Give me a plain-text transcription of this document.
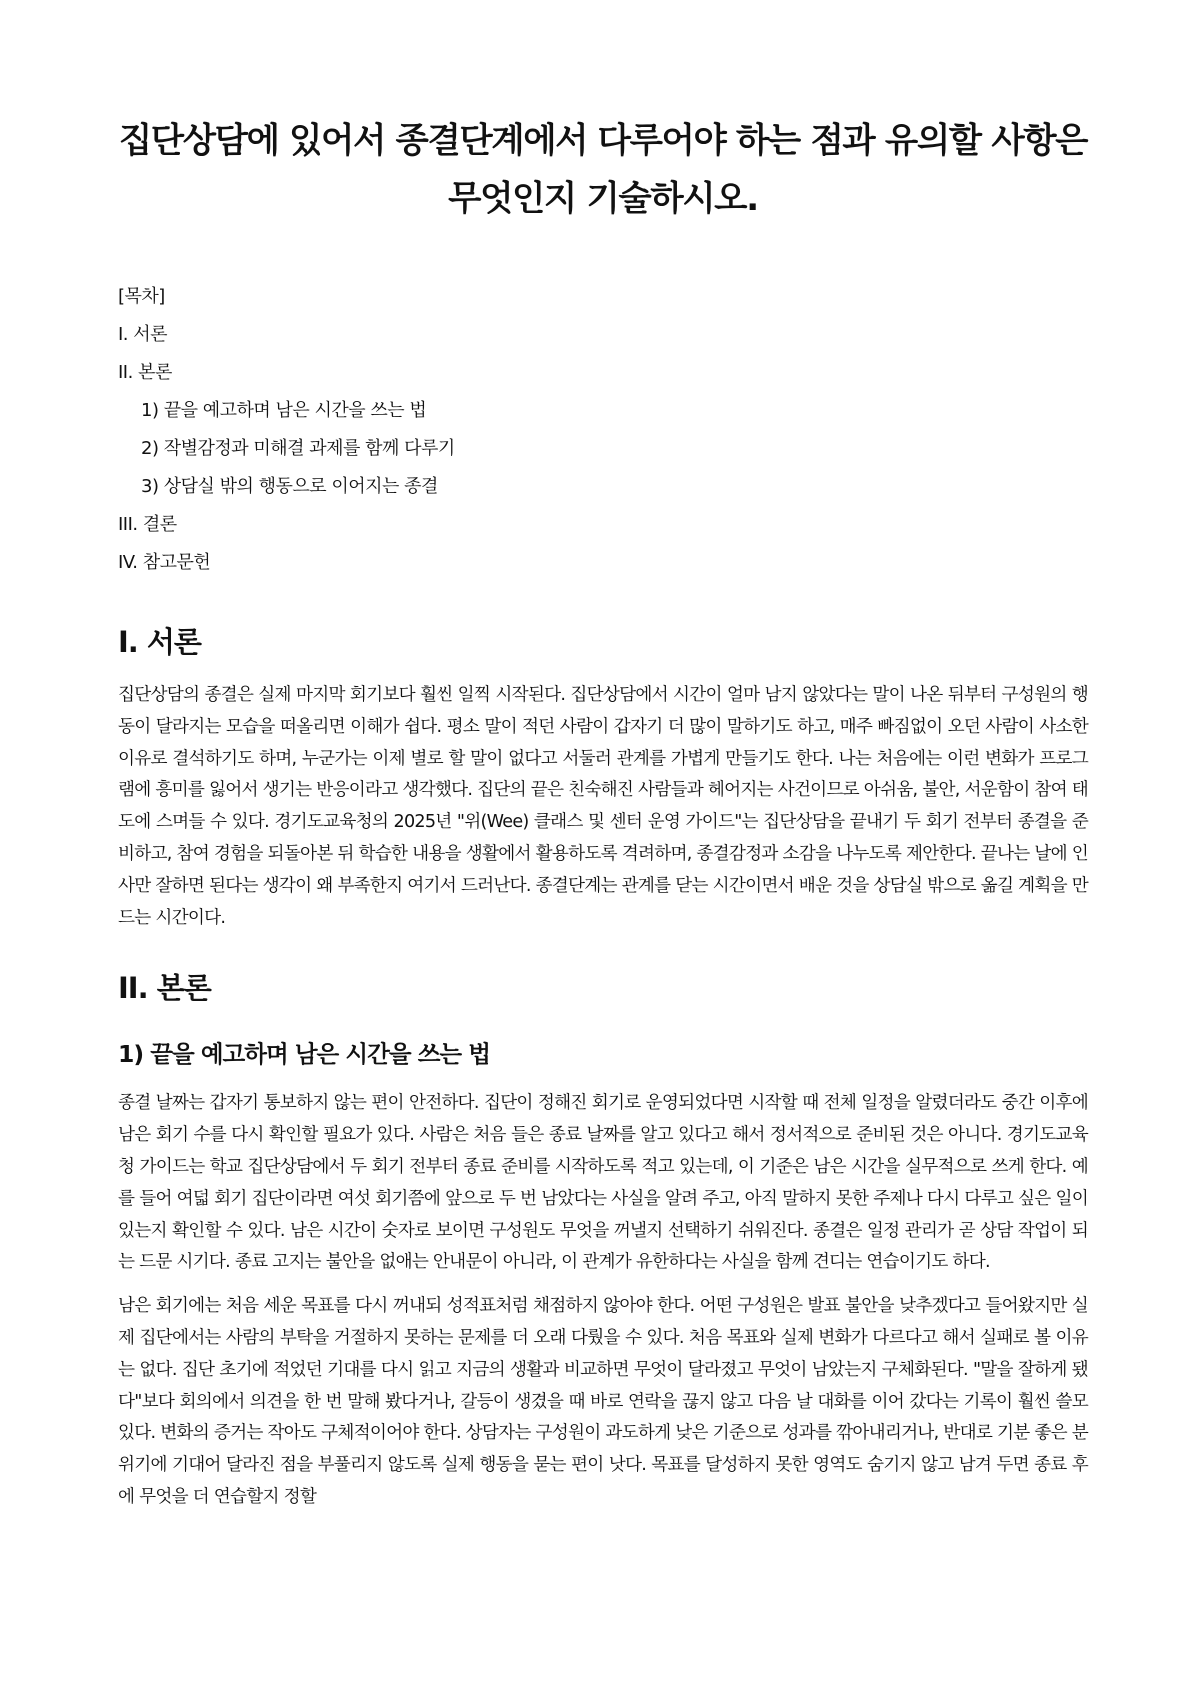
집단상담에 있어서 종결단계에서 다루어야 하는 점과 유의할 사항은 무엇인지 기술하시오.
[목차]
I. 서론
II. 본론
1) 끝을 예고하며 남은 시간을 쓰는 법
2) 작별감정과 미해결 과제를 함께 다루기
3) 상담실 밖의 행동으로 이어지는 종결
III. 결론
IV. 참고문헌
I. 서론

집단상담의 종결은 실제 마지막 회기보다 훨씬 일찍 시작된다. 집단상담에서 시간이 얼마 남지 않았다는 말이 나온 뒤부터 구성원의 행동이 달라지는 모습을 떠올리면 이해가 쉽다. 평소 말이 적던 사람이 갑자기 더 많이 말하기도 하고, 매주 빠짐없이 오던 사람이 사소한 이유로 결석하기도 하며, 누군가는 이제 별로 할 말이 없다고 서둘러 관계를 가볍게 만들기도 한다. 나는 처음에는 이런 변화가 프로그램에 흥미를 잃어서 생기는 반응이라고 생각했다. 집단의 끝은 친숙해진 사람들과 헤어지는 사건이므로 아쉬움, 불안, 서운함이 참여 태도에 스며들 수 있다. 경기도교육청의 2025년 "위(Wee) 클래스 및 센터 운영 가이드"는 집단상담을 끝내기 두 회기 전부터 종결을 준비하고, 참여 경험을 되돌아본 뒤 학습한 내용을 생활에서 활용하도록 격려하며, 종결감정과 소감을 나누도록 제안한다. 끝나는 날에 인사만 잘하면 된다는 생각이 왜 부족한지 여기서 드러난다. 종결단계는 관계를 닫는 시간이면서 배운 것을 상담실 밖으로 옮길 계획을 만드는 시간이다.

II. 본론
1) 끝을 예고하며 남은 시간을 쓰는 법

종결 날짜는 갑자기 통보하지 않는 편이 안전하다. 집단이 정해진 회기로 운영되었다면 시작할 때 전체 일정을 알렸더라도 중간 이후에 남은 회기 수를 다시 확인할 필요가 있다. 사람은 처음 들은 종료 날짜를 알고 있다고 해서 정서적으로 준비된 것은 아니다. 경기도교육청 가이드는 학교 집단상담에서 두 회기 전부터 종료 준비를 시작하도록 적고 있는데, 이 기준은 남은 시간을 실무적으로 쓰게 한다. 예를 들어 여덟 회기 집단이라면 여섯 회기쯤에 앞으로 두 번 남았다는 사실을 알려 주고, 아직 말하지 못한 주제나 다시 다루고 싶은 일이 있는지 확인할 수 있다. 남은 시간이 숫자로 보이면 구성원도 무엇을 꺼낼지 선택하기 쉬워진다. 종결은 일정 관리가 곧 상담 작업이 되는 드문 시기다. 종료 고지는 불안을 없애는 안내문이 아니라, 이 관계가 유한하다는 사실을 함께 견디는 연습이기도 하다.

남은 회기에는 처음 세운 목표를 다시 꺼내되 성적표처럼 채점하지 않아야 한다. 어떤 구성원은 발표 불안을 낮추겠다고 들어왔지만 실제 집단에서는 사람의 부탁을 거절하지 못하는 문제를 더 오래 다뤘을 수 있다. 처음 목표와 실제 변화가 다르다고 해서 실패로 볼 이유는 없다. 집단 초기에 적었던 기대를 다시 읽고 지금의 생활과 비교하면 무엇이 달라졌고 무엇이 남았는지 구체화된다. "말을 잘하게 됐다"보다 회의에서 의견을 한 번 말해 봤다거나, 갈등이 생겼을 때 바로 연락을 끊지 않고 다음 날 대화를 이어 갔다는 기록이 훨씬 쓸모 있다. 변화의 증거는 작아도 구체적이어야 한다. 상담자는 구성원이 과도하게 낮은 기준으로 성과를 깎아내리거나, 반대로 기분 좋은 분위기에 기대어 달라진 점을 부풀리지 않도록 실제 행동을 묻는 편이 낫다. 목표를 달성하지 못한 영역도 숨기지 않고 남겨 두면 종료 후에 무엇을 더 연습할지 정할
